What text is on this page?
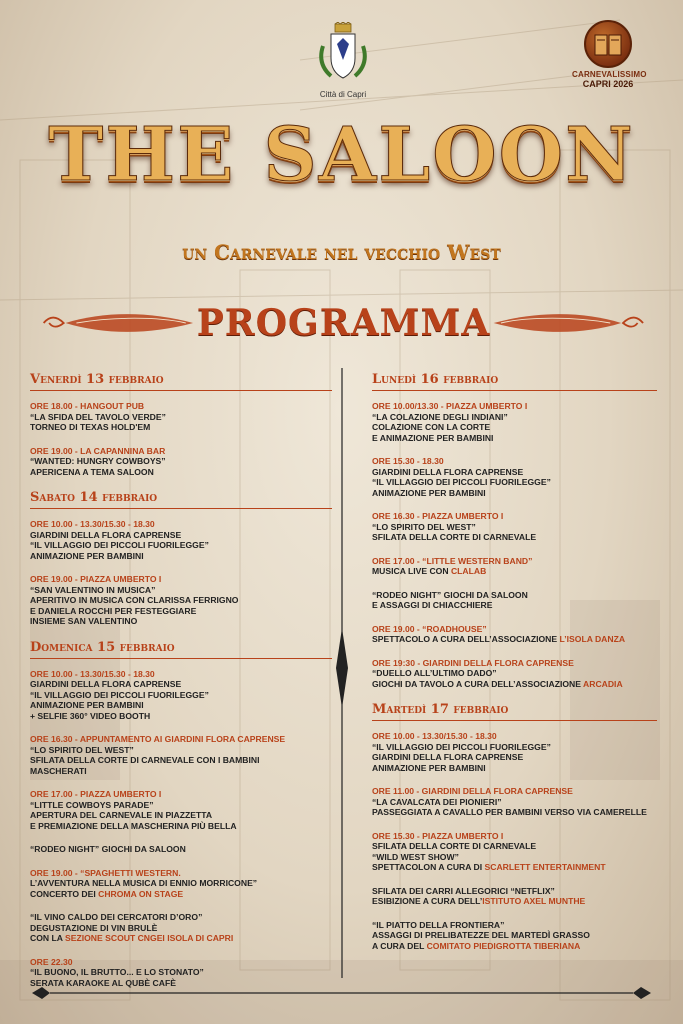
Città di Capri
CARNEVALISSIMO
CAPRI 2026
THE SALOON
un Carnevale nel vecchio West
PROGRAMMA
Venerdì 13 febbraio
ORE 18.00 - HANGOUT PUB
“LA SFIDA DEL TAVOLO VERDE”
TORNEO DI TEXAS HOLD'EM
ORE 19.00 - LA CAPANNINA BAR
“WANTED: HUNGRY COWBOYS”
APERICENA A TEMA SALOON
Sabato 14 febbraio
ORE 10.00 - 13.30/15.30 - 18.30
GIARDINI DELLA FLORA CAPRENSE
“IL VILLAGGIO DEI PICCOLI FUORILEGGE”
ANIMAZIONE PER BAMBINI
ORE 19.00 - PIAZZA UMBERTO I
“SAN VALENTINO IN MUSICA”
APERITIVO IN MUSICA CON CLARISSA FERRIGNO
E DANIELA ROCCHI PER FESTEGGIARE
INSIEME SAN VALENTINO
Domenica 15 febbraio
ORE 10.00 - 13.30/15.30 - 18.30
GIARDINI DELLA FLORA CAPRENSE
“IL VILLAGGIO DEI PICCOLI FUORILEGGE”
ANIMAZIONE PER BAMBINI
+ SELFIE 360° VIDEO BOOTH
ORE 16.30 - APPUNTAMENTO AI GIARDINI FLORA CAPRENSE
“LO SPIRITO DEL WEST”
SFILATA DELLA CORTE DI CARNEVALE CON I BAMBINI
MASCHERATI
ORE 17.00 - PIAZZA UMBERTO I
“LITTLE COWBOYS PARADE”
APERTURA DEL CARNEVALE IN PIAZZETTA
E PREMIAZIONE DELLA MASCHERINA PIÙ BELLA
“RODEO NIGHT” GIOCHI DA SALOON
ORE 19.00 - “SPAGHETTI WESTERN.
L’AVVENTURA NELLA MUSICA DI ENNIO MORRICONE”
CONCERTO DEI CHROMA ON STAGE
“IL VINO CALDO DEI CERCATORI D’ORO”
DEGUSTAZIONE DI VIN BRULÈ
CON LA SEZIONE SCOUT CNGEI ISOLA DI CAPRI
ORE 22.30
“IL BUONO, IL BRUTTO... E LO STONATO”
SERATA KARAOKE AL QUBÈ CAFÈ
Lunedì 16 febbraio
ORE 10.00/13.30 - PIAZZA UMBERTO I
“LA COLAZIONE DEGLI INDIANI”
COLAZIONE CON LA CORTE
E ANIMAZIONE PER BAMBINI
ORE 15.30 - 18.30
GIARDINI DELLA FLORA CAPRENSE
“IL VILLAGGIO DEI PICCOLI FUORILEGGE”
ANIMAZIONE PER BAMBINI
ORE 16.30 - PIAZZA UMBERTO I
“LO SPIRITO DEL WEST”
SFILATA DELLA CORTE DI CARNEVALE
ORE 17.00 - “LITTLE WESTERN BAND”
MUSICA LIVE CON CLALAB
“RODEO NIGHT” GIOCHI DA SALOON
E ASSAGGI DI CHIACCHIERE
ORE 19.00 - “ROADHOUSE”
SPETTACOLO A CURA DELL’ASSOCIAZIONE L’ISOLA DANZA
ORE 19:30 - GIARDINI DELLA FLORA CAPRENSE
“DUELLO ALL’ULTIMO DADO”
GIOCHI DA TAVOLO A CURA DELL’ASSOCIAZIONE ARCADIA
Martedì 17 febbraio
ORE 10.00 - 13.30/15.30 - 18.30
“IL VILLAGGIO DEI PICCOLI FUORILEGGE”
GIARDINI DELLA FLORA CAPRENSE
ANIMAZIONE PER BAMBINI
ORE 11.00 - GIARDINI DELLA FLORA CAPRENSE
“LA CAVALCATA DEI PIONIERI”
PASSEGGIATA A CAVALLO PER BAMBINI VERSO VIA CAMERELLE
ORE 15.30 - PIAZZA UMBERTO I
SFILATA DELLA CORTE DI CARNEVALE
“WILD WEST SHOW”
SPETTACOLON A CURA DI SCARLETT ENTERTAINMENT
SFILATA DEI CARRI ALLEGORICI “NETFLIX”
ESIBIZIONE A CURA DELL’ISTITUTO AXEL MUNTHE
“IL PIATTO DELLA FRONTIERA”
ASSAGGI DI PRELIBATEZZE DEL MARTEDÌ GRASSO
A CURA DEL COMITATO PIEDIGROTTA TIBERIANA
